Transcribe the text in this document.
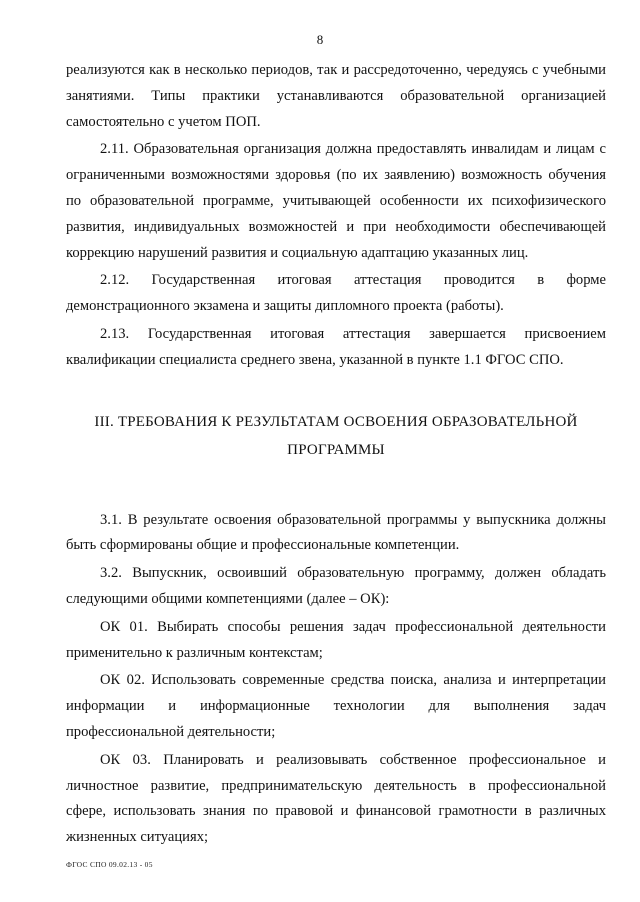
8

реализуются как в несколько периодов, так и рассредоточенно, чередуясь с учебными занятиями. Типы практики устанавливаются образовательной организацией самостоятельно с учетом ПОП.

2.11. Образовательная организация должна предоставлять инвалидам и лицам с ограниченными возможностями здоровья (по их заявлению) возможность обучения по образовательной программе, учитывающей особенности их психофизического развития, индивидуальных возможностей и при необходимости обеспечивающей коррекцию нарушений развития и социальную адаптацию указанных лиц.

2.12. Государственная итоговая аттестация проводится в форме демонстрационного экзамена и защиты дипломного проекта (работы).

2.13. Государственная итоговая аттестация завершается присвоением квалификации специалиста среднего звена, указанной в пункте 1.1 ФГОС СПО.

III. ТРЕБОВАНИЯ К РЕЗУЛЬТАТАМ ОСВОЕНИЯ ОБРАЗОВАТЕЛЬНОЙ
ПРОГРАММЫ

3.1. В результате освоения образовательной программы у выпускника должны быть сформированы общие и профессиональные компетенции.

3.2. Выпускник, освоивший образовательную программу, должен обладать следующими общими компетенциями (далее – ОК):

ОК 01. Выбирать способы решения задач профессиональной деятельности применительно к различным контекстам;

ОК 02. Использовать современные средства поиска, анализа и интерпретации информации и информационные технологии для выполнения задач профессиональной деятельности;

ОК 03. Планировать и реализовывать собственное профессиональное и личностное развитие, предпринимательскую деятельность в профессиональной сфере, использовать знания по правовой и финансовой грамотности в различных жизненных ситуациях;

ФГОС СПО 09.02.13 - 05
